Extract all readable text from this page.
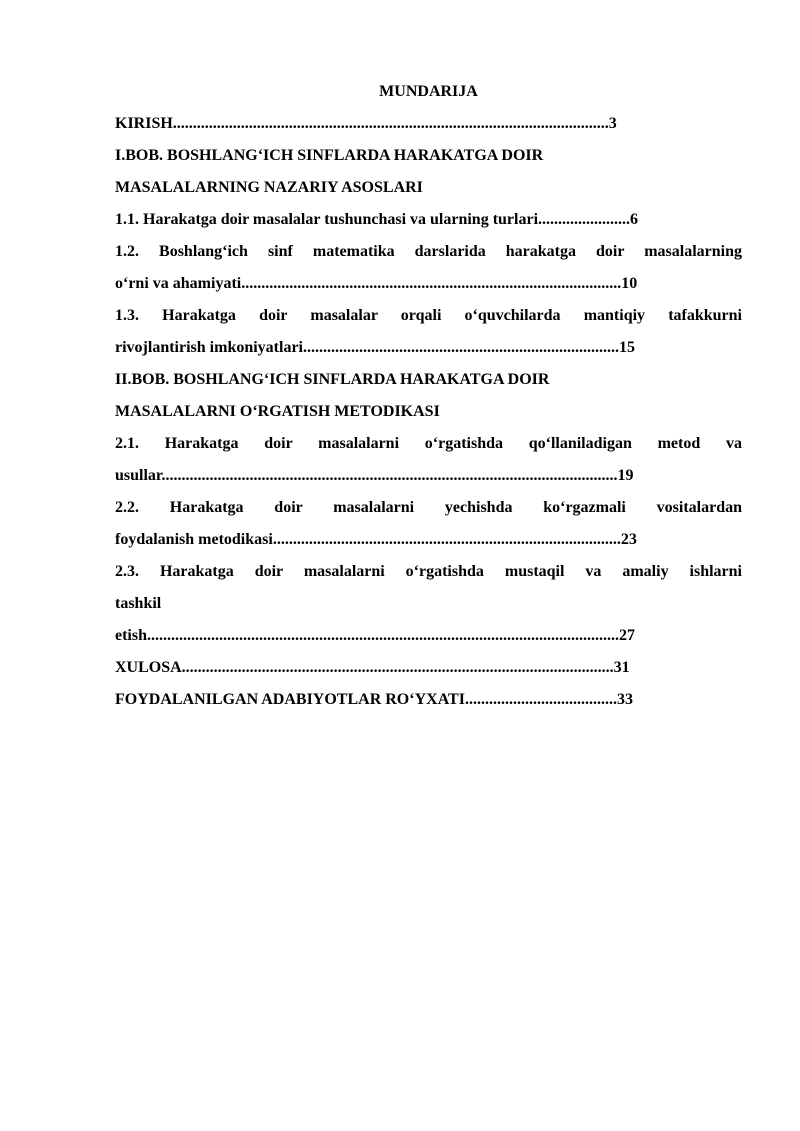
MUNDARIJA
KIRISH.............................................................................................................3
I.BOB. BOSHLANG‘ICH SINFLARDA HARAKATGA DOIR
MASALALARNING NAZARIY ASOSLARI
1.1. Harakatga doir masalalar tushunchasi va ularning turlari.......................6
1.2. Boshlang‘ich sinf matematika darslarida harakatga doir masalalarning
o‘rni va ahamiyati...............................................................................................10
1.3. Harakatga doir masalalar orqali o‘quvchilarda mantiqiy tafakkurni
rivojlantirish imkoniyatlari...............................................................................15
II.BOB. BOSHLANG‘ICH SINFLARDA HARAKATGA DOIR
MASALALARNI O‘RGATISH METODIKASI
2.1. Harakatga doir masalalarni o‘rgatishda qo‘llaniladigan metod va
usullar..................................................................................................................19
2.2. Harakatga doir masalalarni yechishda ko‘rgazmali vositalardan
foydalanish metodikasi.......................................................................................23
2.3. Harakatga doir masalalarni o‘rgatishda mustaqil va amaliy ishlarni
tashkil
etish......................................................................................................................27
XULOSA............................................................................................................31
FOYDALANILGAN ADABIYOTLAR RO‘YXATI......................................33
